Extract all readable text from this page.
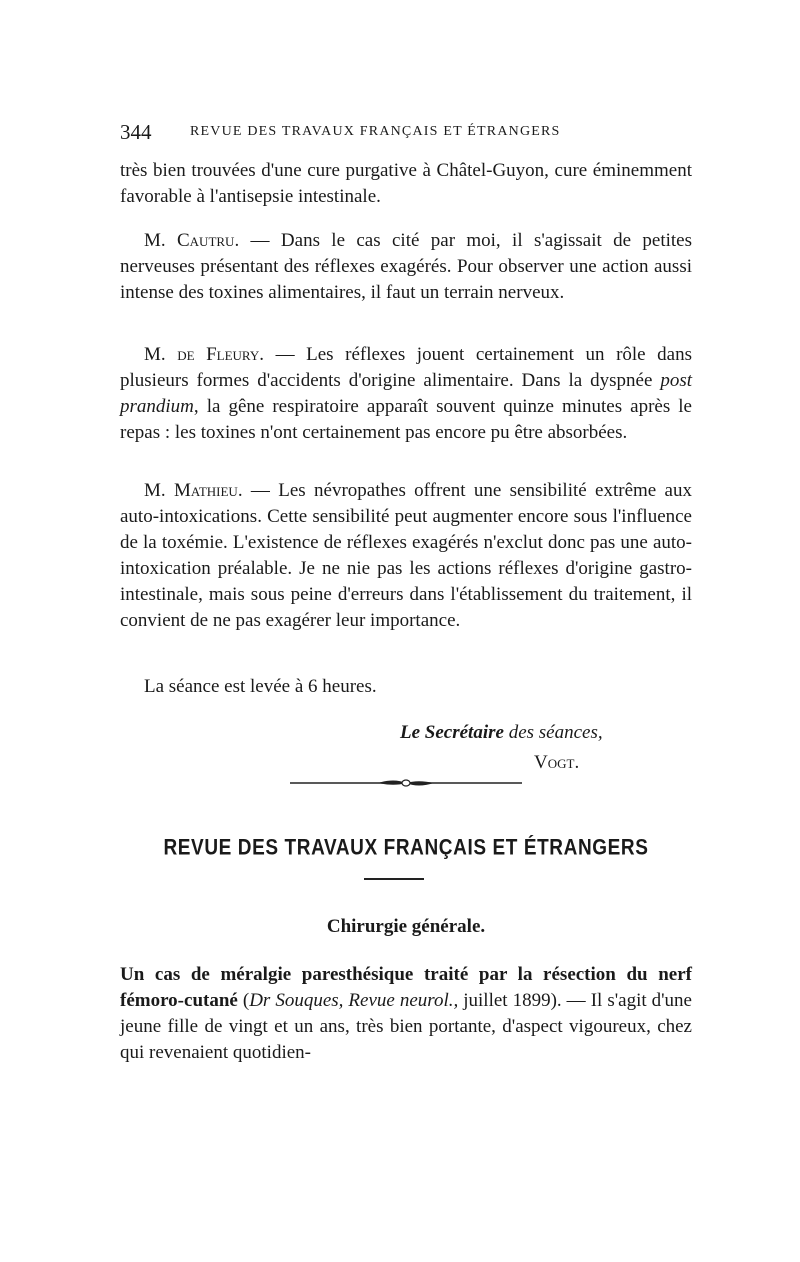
344	REVUE DES TRAVAUX FRANÇAIS ET ÉTRANGERS

très bien trouvées d'une cure purgative à Châtel-Guyon, cure éminemment favorable à l'antisepsie intestinale.

M. Cautru. — Dans le cas cité par moi, il s'agissait de petites nerveuses présentant des réflexes exagérés. Pour observer une action aussi intense des toxines alimentaires, il faut un terrain nerveux.

M. de Fleury. — Les réflexes jouent certainement un rôle dans plusieurs formes d'accidents d'origine alimentaire. Dans la dyspnée post prandium, la gêne respiratoire apparaît souvent quinze minutes après le repas : les toxines n'ont certainement pas encore pu être absorbées.

M. Mathieu. — Les névropathes offrent une sensibilité extrême aux auto-intoxications. Cette sensibilité peut augmenter encore sous l'influence de la toxémie. L'existence de réflexes exagérés n'exclut donc pas une auto-intoxication préalable. Je ne nie pas les actions réflexes d'origine gastro-intestinale, mais sous peine d'erreurs dans l'établissement du traitement, il convient de ne pas exagérer leur importance.

La séance est levée à 6 heures.

Le Secrétaire des séances,
Vogt.
REVUE DES TRAVAUX FRANÇAIS ET ÉTRANGERS
Chirurgie générale.

Un cas de méralgie paresthésique traité par la résection du nerf fémoro-cutané (Dr Souques, Revue neurol., juillet 1899). — Il s'agit d'une jeune fille de vingt et un ans, très bien portante, d'aspect vigoureux, chez qui revenaient quotidien-
